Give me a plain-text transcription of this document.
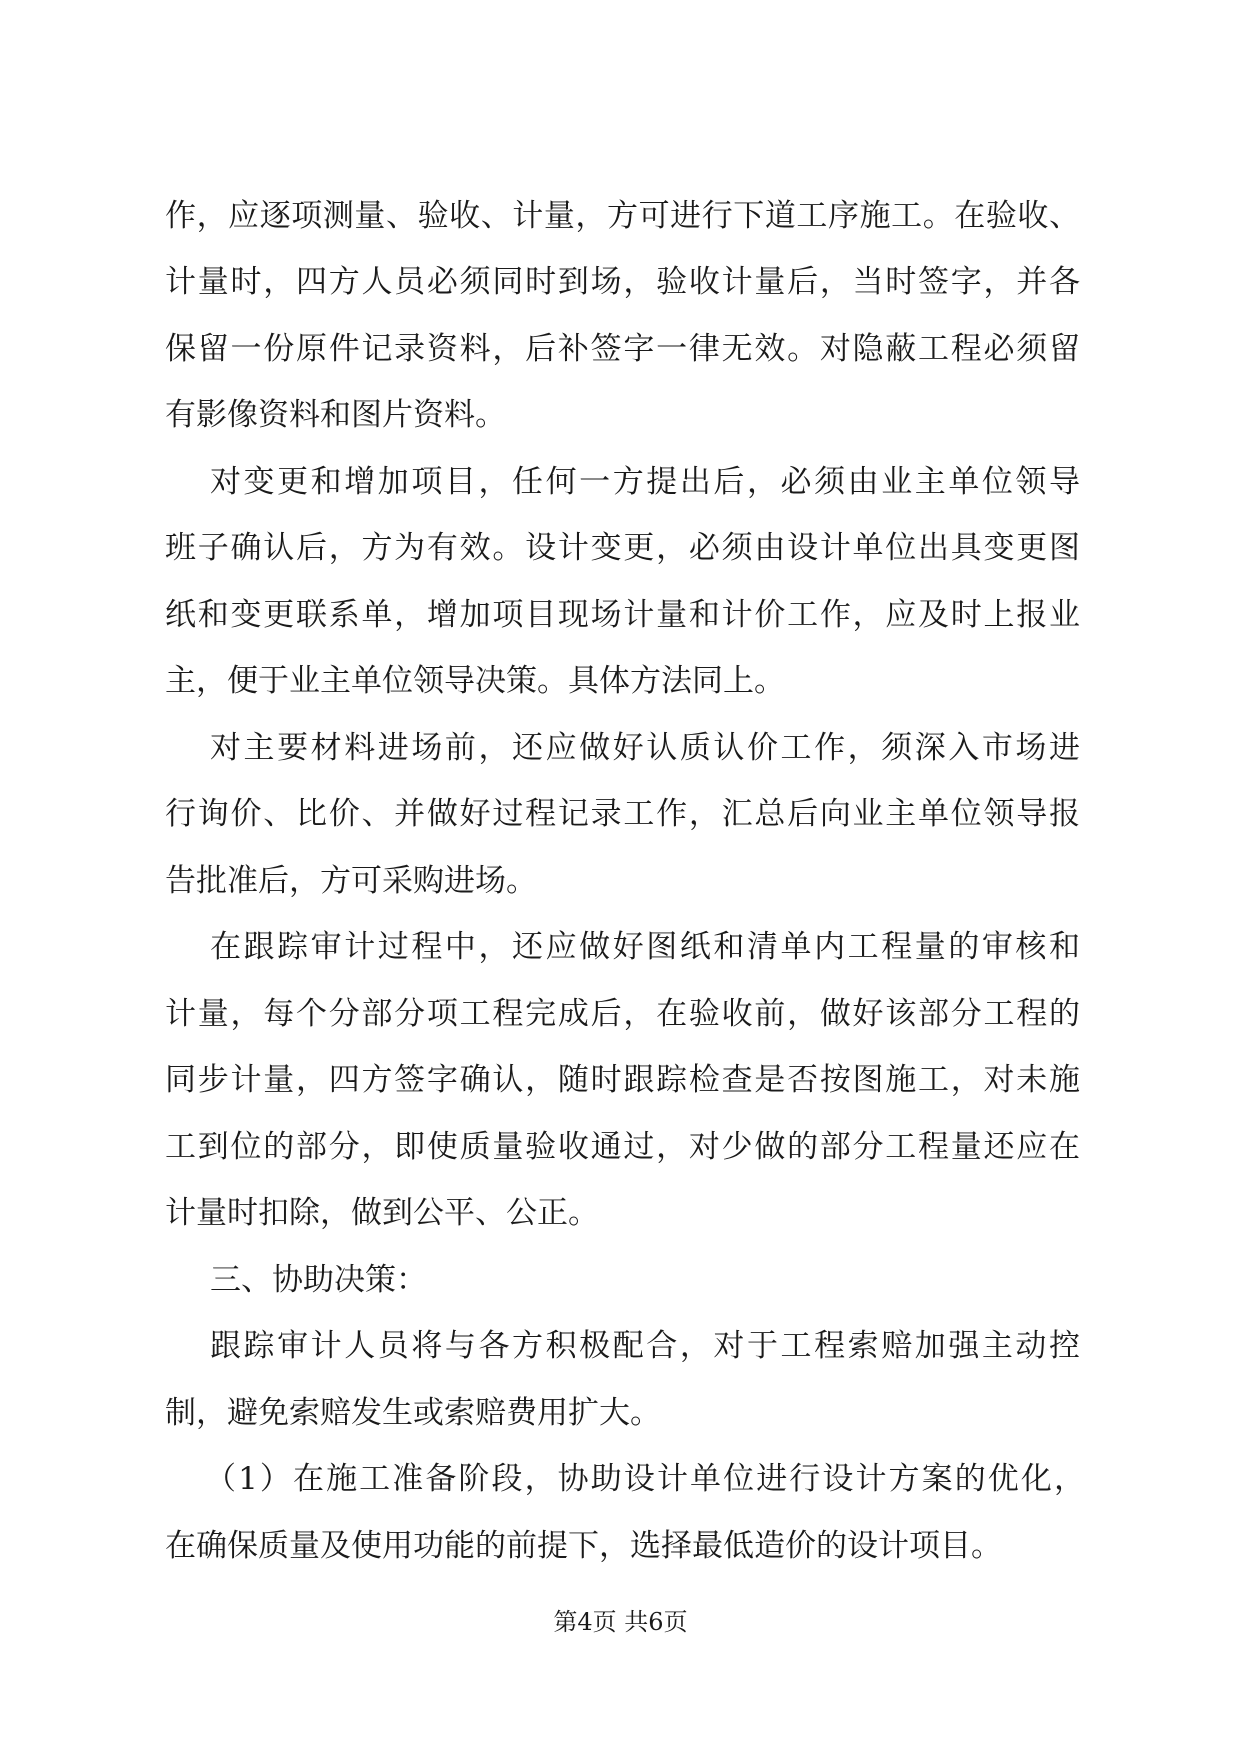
作，应逐项测量、验收、计量，方可进行下道工序施工。在验收、
计量时，四方人员必须同时到场，验收计量后，当时签字，并各
保留一份原件记录资料，后补签字一律无效。对隐蔽工程必须留
有影像资料和图片资料。
对变更和增加项目，任何一方提出后，必须由业主单位领导
班子确认后，方为有效。设计变更，必须由设计单位出具变更图
纸和变更联系单，增加项目现场计量和计价工作，应及时上报业
主，便于业主单位领导决策。具体方法同上。
对主要材料进场前，还应做好认质认价工作，须深入市场进
行询价、比价、并做好过程记录工作，汇总后向业主单位领导报
告批准后，方可采购进场。
在跟踪审计过程中，还应做好图纸和清单内工程量的审核和
计量，每个分部分项工程完成后，在验收前，做好该部分工程的
同步计量，四方签字确认，随时跟踪检查是否按图施工，对未施
工到位的部分，即使质量验收通过，对少做的部分工程量还应在
计量时扣除，做到公平、公正。
三、协助决策：
跟踪审计人员将与各方积极配合，对于工程索赔加强主动控
制，避免索赔发生或索赔费用扩大。
（1）在施工准备阶段，协助设计单位进行设计方案的优化，
在确保质量及使用功能的前提下，选择最低造价的设计项目。
第4页 共6页
